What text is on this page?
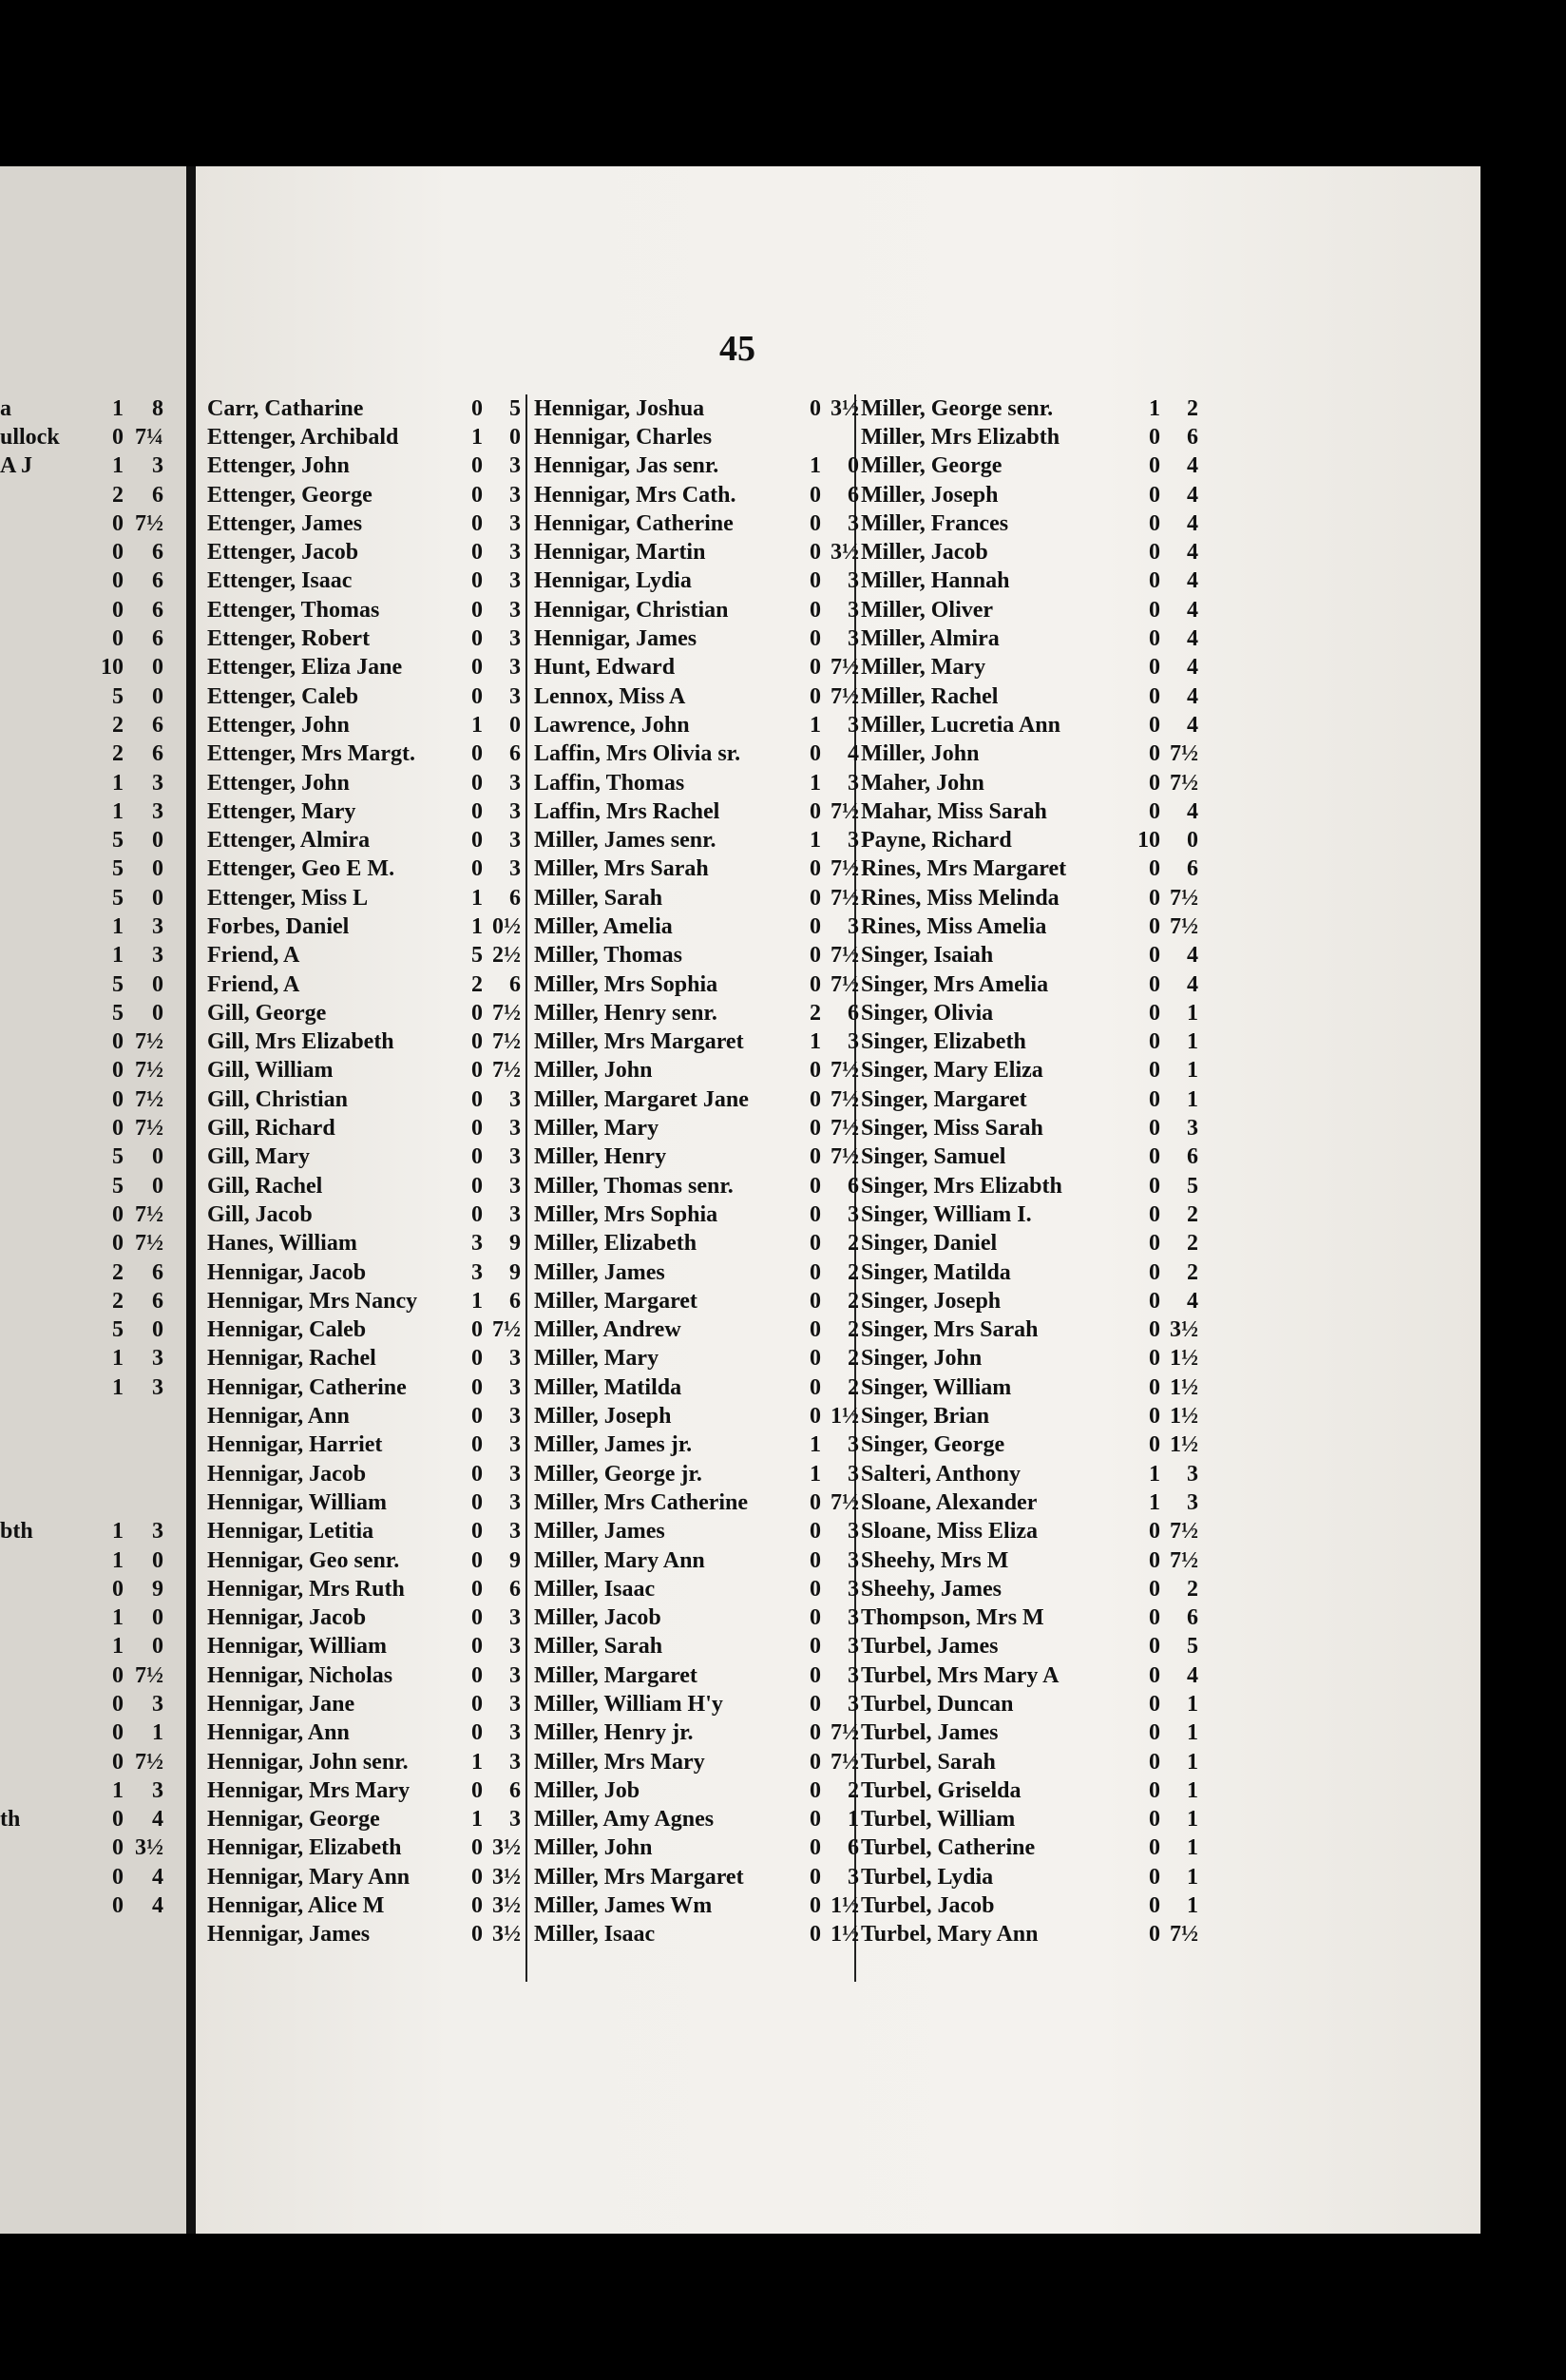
a	1	8
ullock	0 7¼
A J	1	3
2	6
0 7½
0	6
0	6
0	6
0	6
10	0
5	0
2	6
2	6
1	3
1	3
5	0
5	0
5	0
1	3
1	3
5	0
5	0
0 7½
0 7½
0 7½
0 7½
5	0
5	0
0 7½
0 7½
2	6
2	6
5	0
1	3
1	3
bth	1	3
1	0
0	9
1	0
1	0
0 7½
0	3
0	1
0 7½
1	3
th	0	4
0 3½
0	4
0	4
45
Carr, Catharine	0	5
Ettenger, Archibald	1	0
Ettenger, John	0	3
Ettenger, George	0	3
Ettenger, James	0	3
Ettenger, Jacob	0	3
Ettenger, Isaac	0	3
Ettenger, Thomas	0	3
Ettenger, Robert	0	3
Ettenger, Eliza Jane	0	3
Ettenger, Caleb	0	3
Ettenger, John	1	0
Ettenger, Mrs Margt.	0	6
Ettenger, John	0	3
Ettenger, Mary	0	3
Ettenger, Almira	0	3
Ettenger, Geo E M.	0	3
Ettenger, Miss L	1	6
Forbes, Daniel	1 0½
Friend, A	5 2½
Friend, A	2	6
Gill, George	0 7½
Gill, Mrs Elizabeth	0 7½
Gill, William	0 7½
Gill, Christian	0	3
Gill, Richard	0	3
Gill, Mary	0	3
Gill, Rachel	0	3
Gill, Jacob	0	3
Hanes, William	3	9
Hennigar, Jacob	3	9
Hennigar, Mrs Nancy	1	6
Hennigar, Caleb	0 7½
Hennigar, Rachel	0	3
Hennigar, Catherine	0	3
Hennigar, Ann	0	3
Hennigar, Harriet	0	3
Hennigar, Jacob	0	3
Hennigar, William	0	3
Hennigar, Letitia	0	3
Hennigar, Geo senr.	0	9
Hennigar, Mrs Ruth	0	6
Hennigar, Jacob	0	3
Hennigar, William	0	3
Hennigar, Nicholas	0	3
Hennigar, Jane	0	3
Hennigar, Ann	0	3
Hennigar, John senr.	1	3
Hennigar, Mrs Mary	0	6
Hennigar, George	1	3
Hennigar, Elizabeth	0 3½
Hennigar, Mary Ann	0 3½
Hennigar, Alice M	0 3½
Hennigar, James	0 3½
Hennigar, Joshua	0 3½
Hennigar, Charles
Hennigar, Jas senr.	1	0
Hennigar, Mrs Cath.	0	6
Hennigar, Catherine	0	3
Hennigar, Martin	0 3½
Hennigar, Lydia	0	3
Hennigar, Christian	0	3
Hennigar, James	0	3
Hunt, Edward	0 7½
Lennox, Miss A	0 7½
Lawrence, John	1	3
Laffin, Mrs Olivia sr.	0	4
Laffin, Thomas	1	3
Laffin, Mrs Rachel	0 7½
Miller, James senr.	1	3
Miller, Mrs Sarah	0 7½
Miller, Sarah	0 7½
Miller, Amelia	0	3
Miller, Thomas	0 7½
Miller, Mrs Sophia	0 7½
Miller, Henry senr.	2	6
Miller, Mrs Margaret	1	3
Miller, John	0 7½
Miller, Margaret Jane	0 7½
Miller, Mary	0 7½
Miller, Henry	0 7½
Miller, Thomas senr.	0	6
Miller, Mrs Sophia	0	3
Miller, Elizabeth	0	2
Miller, James	0	2
Miller, Margaret	0	2
Miller, Andrew	0	2
Miller, Mary	0	2
Miller, Matilda	0	2
Miller, Joseph	0 1½
Miller, James jr.	1	3
Miller, George jr.	1	3
Miller, Mrs Catherine	0 7½
Miller, James	0	3
Miller, Mary Ann	0	3
Miller, Isaac	0	3
Miller, Jacob	0	3
Miller, Sarah	0	3
Miller, Margaret	0	3
Miller, William H'y	0	3
Miller, Henry jr.	0 7½
Miller, Mrs Mary	0 7½
Miller, Job	0	2
Miller, Amy Agnes	0	1
Miller, John	0	6
Miller, Mrs Margaret	0	3
Miller, James Wm	0 1½
Miller, Isaac	0 1½
Miller, George senr.	1	2
Miller, Mrs Elizabth	0	6
Miller, George	0	4
Miller, Joseph	0	4
Miller, Frances	0	4
Miller, Jacob	0	4
Miller, Hannah	0	4
Miller, Oliver	0	4
Miller, Almira	0	4
Miller, Mary	0	4
Miller, Rachel	0	4
Miller, Lucretia Ann	0	4
Miller, John	0 7½
Maher, John	0 7½
Mahar, Miss Sarah	0	4
Payne, Richard	10	0
Rines, Mrs Margaret	0	6
Rines, Miss Melinda	0 7½
Rines, Miss Amelia	0 7½
Singer, Isaiah	0	4
Singer, Mrs Amelia	0	4
Singer, Olivia	0	1
Singer, Elizabeth	0	1
Singer, Mary Eliza	0	1
Singer, Margaret	0	1
Singer, Miss Sarah	0	3
Singer, Samuel	0	6
Singer, Mrs Elizabth	0	5
Singer, William I.	0	2
Singer, Daniel	0	2
Singer, Matilda	0	2
Singer, Joseph	0	4
Singer, Mrs Sarah	0 3½
Singer, John	0 1½
Singer, William	0 1½
Singer, Brian	0 1½
Singer, George	0 1½
Salteri, Anthony	1	3
Sloane, Alexander	1	3
Sloane, Miss Eliza	0 7½
Sheehy, Mrs M	0 7½
Sheehy, James	0	2
Thompson, Mrs M	0	6
Turbel, James	0	5
Turbel, Mrs Mary A	0	4
Turbel, Duncan	0	1
Turbel, James	0	1
Turbel, Sarah	0	1
Turbel, Griselda	0	1
Turbel, William	0	1
Turbel, Catherine	0	1
Turbel, Lydia	0	1
Turbel, Jacob	0	1
Turbel, Mary Ann	0 7½
